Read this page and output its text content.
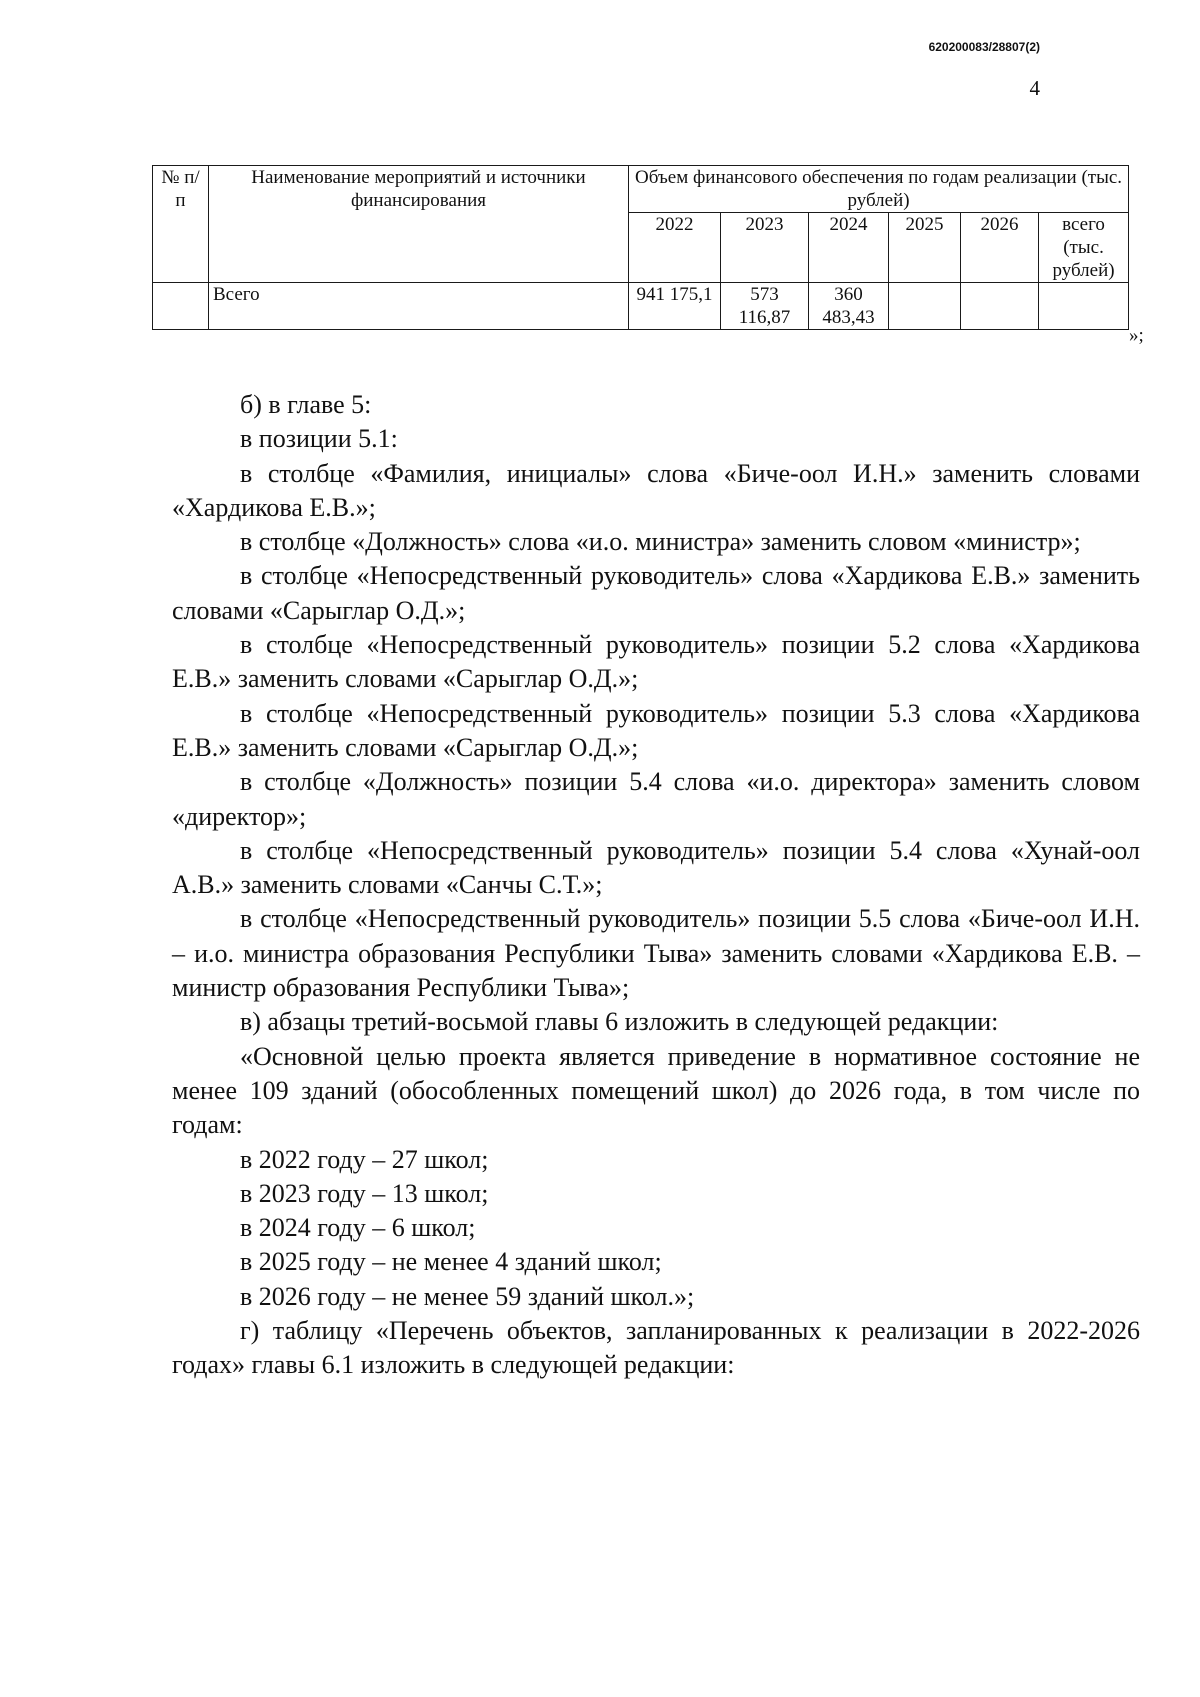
620200083/28807(2)
4
№ п/п	Наименование мероприятий и источники финансирования	Объем финансового обеспечения по годам реализации (тыс. рублей)					
		2022	2023	2024	2025	2026	всего (тыс. рублей)
	Всего	941 175,1	573 116,87	360 483,43			
»;

б) в главе 5:

в позиции 5.1:

в столбце «Фамилия, инициалы» слова «Биче-оол И.Н.» заменить словами «Хардикова Е.В.»;

в столбце «Должность» слова «и.о. министра» заменить словом «министр»;

в столбце «Непосредственный руководитель» слова «Хардикова Е.В.» заменить словами «Сарыглар О.Д.»;

в столбце «Непосредственный руководитель» позиции 5.2 слова «Хардикова Е.В.» заменить словами «Сарыглар О.Д.»;

в столбце «Непосредственный руководитель» позиции 5.3 слова «Хардикова Е.В.» заменить словами «Сарыглар О.Д.»;

в столбце «Должность» позиции 5.4 слова «и.о. директора» заменить словом «директор»;

в столбце «Непосредственный руководитель» позиции 5.4 слова «Хунай-оол А.В.» заменить словами «Санчы С.Т.»;

в столбце «Непосредственный руководитель» позиции 5.5 слова «Биче-оол И.Н. – и.о. министра образования Республики Тыва» заменить словами «Хардикова Е.В. – министр образования Республики Тыва»;

в) абзацы третий-восьмой главы 6 изложить в следующей редакции:

«Основной целью проекта является приведение в нормативное состояние не менее 109 зданий (обособленных помещений школ) до 2026 года, в том числе по годам:

в 2022 году – 27 школ;

в 2023 году – 13 школ;

в 2024 году – 6 школ;

в 2025 году – не менее 4 зданий школ;

в 2026 году – не менее 59 зданий школ.»;

г) таблицу «Перечень объектов, запланированных к реализации в 2022-2026 годах» главы 6.1 изложить в следующей редакции:
